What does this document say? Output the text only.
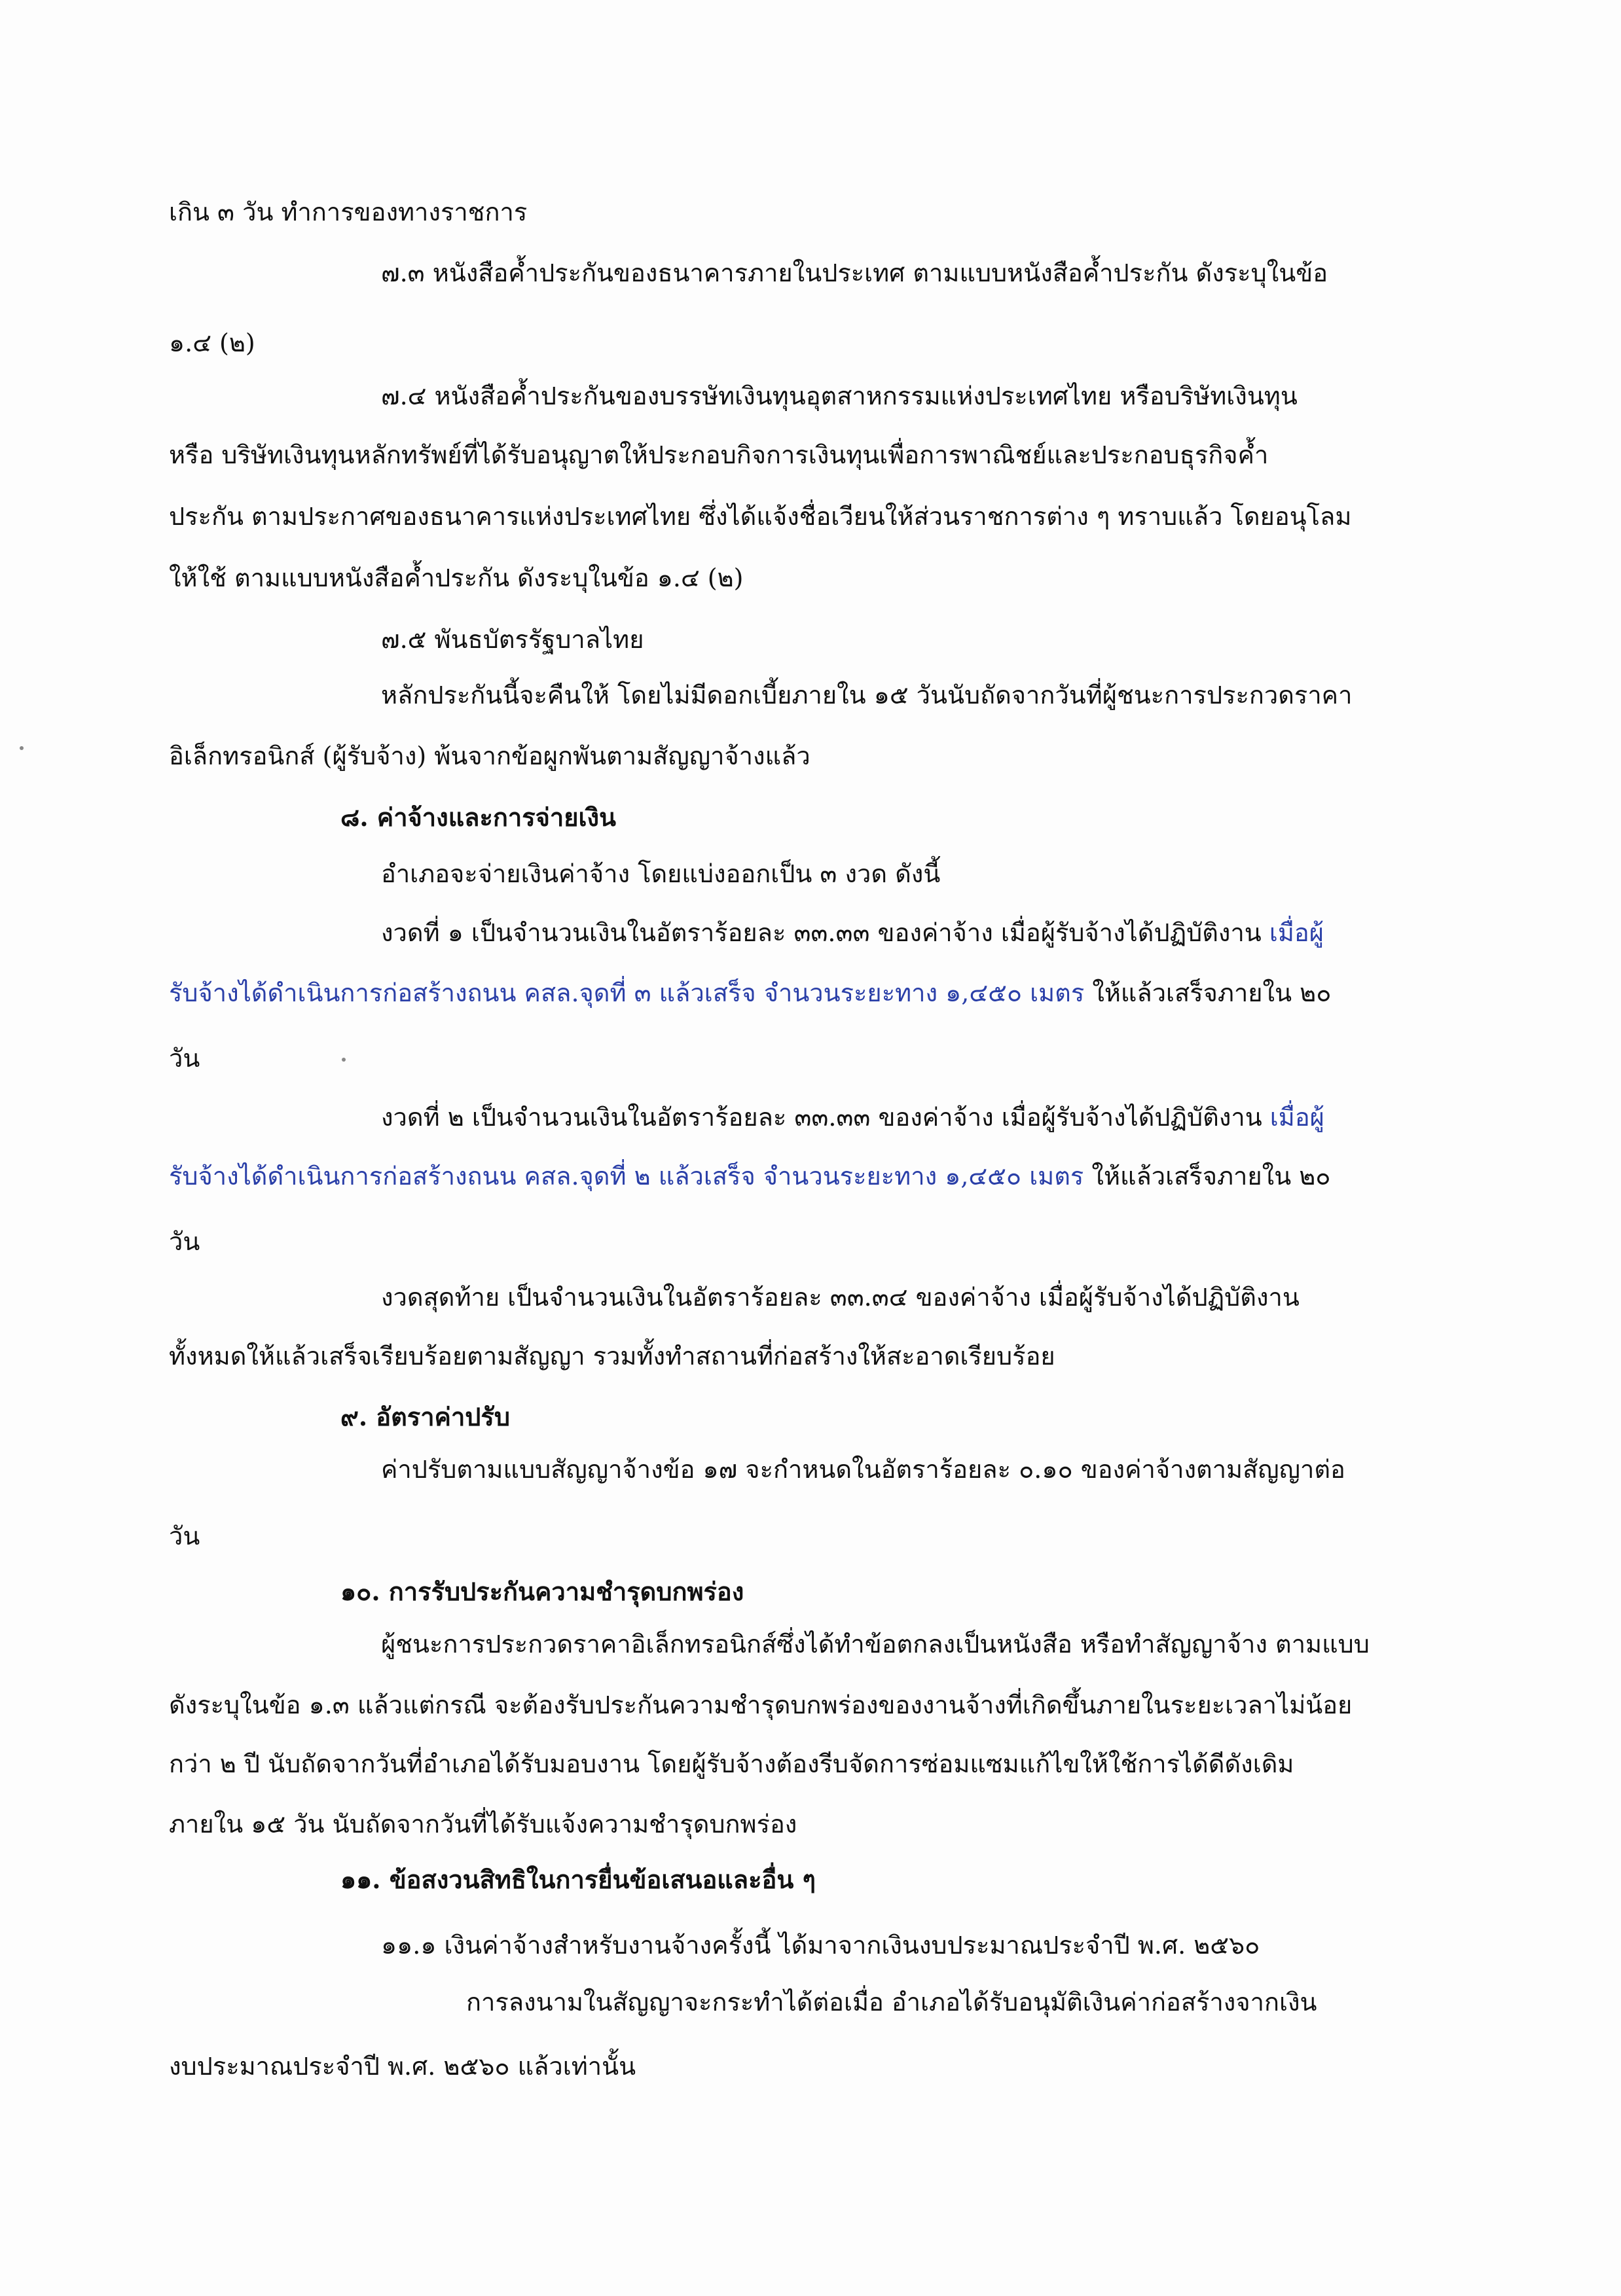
เกิน ๓ วัน ทำการของทางราชการ
๗.๓ หนังสือค้ำประกันของธนาคารภายในประเทศ ตามแบบหนังสือค้ำประกัน ดังระบุในข้อ
๑.๔ (๒)
๗.๔ หนังสือค้ำประกันของบรรษัทเงินทุนอุตสาหกรรมแห่งประเทศไทย หรือบริษัทเงินทุน
หรือ บริษัทเงินทุนหลักทรัพย์ที่ได้รับอนุญาตให้ประกอบกิจการเงินทุนเพื่อการพาณิชย์และประกอบธุรกิจค้ำ
ประกัน ตามประกาศของธนาคารแห่งประเทศไทย ซึ่งได้แจ้งชื่อเวียนให้ส่วนราชการต่าง ๆ ทราบแล้ว โดยอนุโลม
ให้ใช้ ตามแบบหนังสือค้ำประกัน ดังระบุในข้อ ๑.๔ (๒)
๗.๕ พันธบัตรรัฐบาลไทย
หลักประกันนี้จะคืนให้ โดยไม่มีดอกเบี้ยภายใน ๑๕ วันนับถัดจากวันที่ผู้ชนะการประกวดราคา
อิเล็กทรอนิกส์ (ผู้รับจ้าง) พ้นจากข้อผูกพันตามสัญญาจ้างแล้ว
๘. ค่าจ้างและการจ่ายเงิน
อำเภอจะจ่ายเงินค่าจ้าง โดยแบ่งออกเป็น ๓ งวด ดังนี้
งวดที่ ๑ เป็นจำนวนเงินในอัตราร้อยละ ๓๓.๓๓ ของค่าจ้าง เมื่อผู้รับจ้างได้ปฏิบัติงาน เมื่อผู้
รับจ้างได้ดำเนินการก่อสร้างถนน คสล.จุดที่ ๓ แล้วเสร็จ จำนวนระยะทาง ๑,๔๕๐ เมตร ให้แล้วเสร็จภายใน ๒๐
วัน
งวดที่ ๒ เป็นจำนวนเงินในอัตราร้อยละ ๓๓.๓๓ ของค่าจ้าง เมื่อผู้รับจ้างได้ปฏิบัติงาน เมื่อผู้
รับจ้างได้ดำเนินการก่อสร้างถนน คสล.จุดที่ ๒ แล้วเสร็จ จำนวนระยะทาง ๑,๔๕๐ เมตร ให้แล้วเสร็จภายใน ๒๐
วัน
งวดสุดท้าย เป็นจำนวนเงินในอัตราร้อยละ ๓๓.๓๔ ของค่าจ้าง เมื่อผู้รับจ้างได้ปฏิบัติงาน
ทั้งหมดให้แล้วเสร็จเรียบร้อยตามสัญญา รวมทั้งทำสถานที่ก่อสร้างให้สะอาดเรียบร้อย
๙. อัตราค่าปรับ
ค่าปรับตามแบบสัญญาจ้างข้อ ๑๗ จะกำหนดในอัตราร้อยละ ๐.๑๐ ของค่าจ้างตามสัญญาต่อ
วัน
๑๐. การรับประกันความชำรุดบกพร่อง
ผู้ชนะการประกวดราคาอิเล็กทรอนิกส์ซึ่งได้ทำข้อตกลงเป็นหนังสือ หรือทำสัญญาจ้าง ตามแบบ
ดังระบุในข้อ ๑.๓ แล้วแต่กรณี จะต้องรับประกันความชำรุดบกพร่องของงานจ้างที่เกิดขึ้นภายในระยะเวลาไม่น้อย
กว่า ๒ ปี นับถัดจากวันที่อำเภอได้รับมอบงาน โดยผู้รับจ้างต้องรีบจัดการซ่อมแซมแก้ไขให้ใช้การได้ดีดังเดิม
ภายใน ๑๕ วัน นับถัดจากวันที่ได้รับแจ้งความชำรุดบกพร่อง
๑๑. ข้อสงวนสิทธิในการยื่นข้อเสนอและอื่น ๆ
๑๑.๑ เงินค่าจ้างสำหรับงานจ้างครั้งนี้ ได้มาจากเงินงบประมาณประจำปี พ.ศ. ๒๕๖๐
การลงนามในสัญญาจะกระทำได้ต่อเมื่อ อำเภอได้รับอนุมัติเงินค่าก่อสร้างจากเงิน
งบประมาณประจำปี พ.ศ. ๒๕๖๐ แล้วเท่านั้น
